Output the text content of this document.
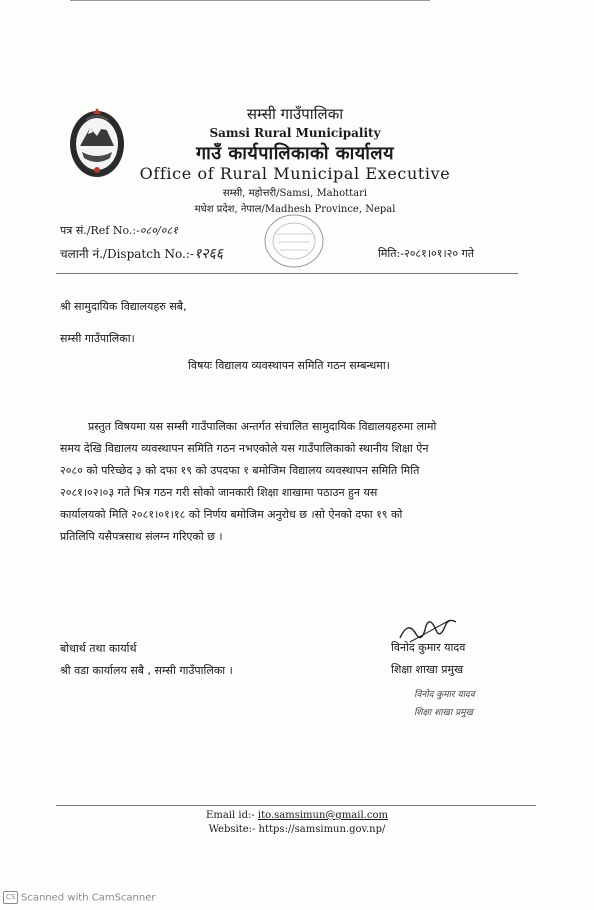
सम्सी गाउँपालिका
Samsi Rural Municipality
गाउँ कार्यपालिकाको कार्यालय
Office of Rural Municipal Executive
सम्सी, महोत्तरी/Samsi, Mahottari
मधेश प्रदेश, नेपाल/Madhesh Province, Nepal
पत्र सं./Ref No.:-०८०/०८१
चलानी नं./Dispatch No.:-१२६६	मिति:-२०८१।०१।२० गते
श्री सामुदायिक विद्यालयहरु सबै,
सम्सी गाउँपालिका।
विषयः विद्यालय व्यवस्थापन समिति गठन सम्बन्धमा।
प्रस्तुत विषयमा यस सम्सी गाउँपालिका अन्तर्गत संचालित सामुदायिक विद्यालयहरुमा लामो
समय देखि विद्यालय व्यवस्थापन समिति गठन नभएकोले यस गाउँपालिकाको स्थानीय शिक्षा ऐन
२०८० को परिच्छेद ३ को दफा १९ को उपदफा १ बमोजिम विद्यालय व्यवस्थापन समिति मिति
२०८१।०२।०३ गते भित्र गठन गरी सोको जानकारी शिक्षा शाखामा पठाउन हुन यस
कार्यालयको मिति २०८१।०१।१८ को निर्णय बमोजिम अनुरोध छ ।सो ऐनको दफा १९ को
प्रतिलिपि यसैपत्रसाथ संलग्न गरिएको छ ।
बोधार्थ तथा कार्यार्थ
श्री वडा कार्यालय सबै , सम्सी गाउँपालिका ।
विनोद कुमार यादव
शिक्षा शाखा प्रमुख
विनोद कुमार यादव
शिक्षा शाखा प्रमुख
Email id:- ito.samsimun@gmail.com
Website:- https://samsimun.gov.np/
CS Scanned with CamScanner
